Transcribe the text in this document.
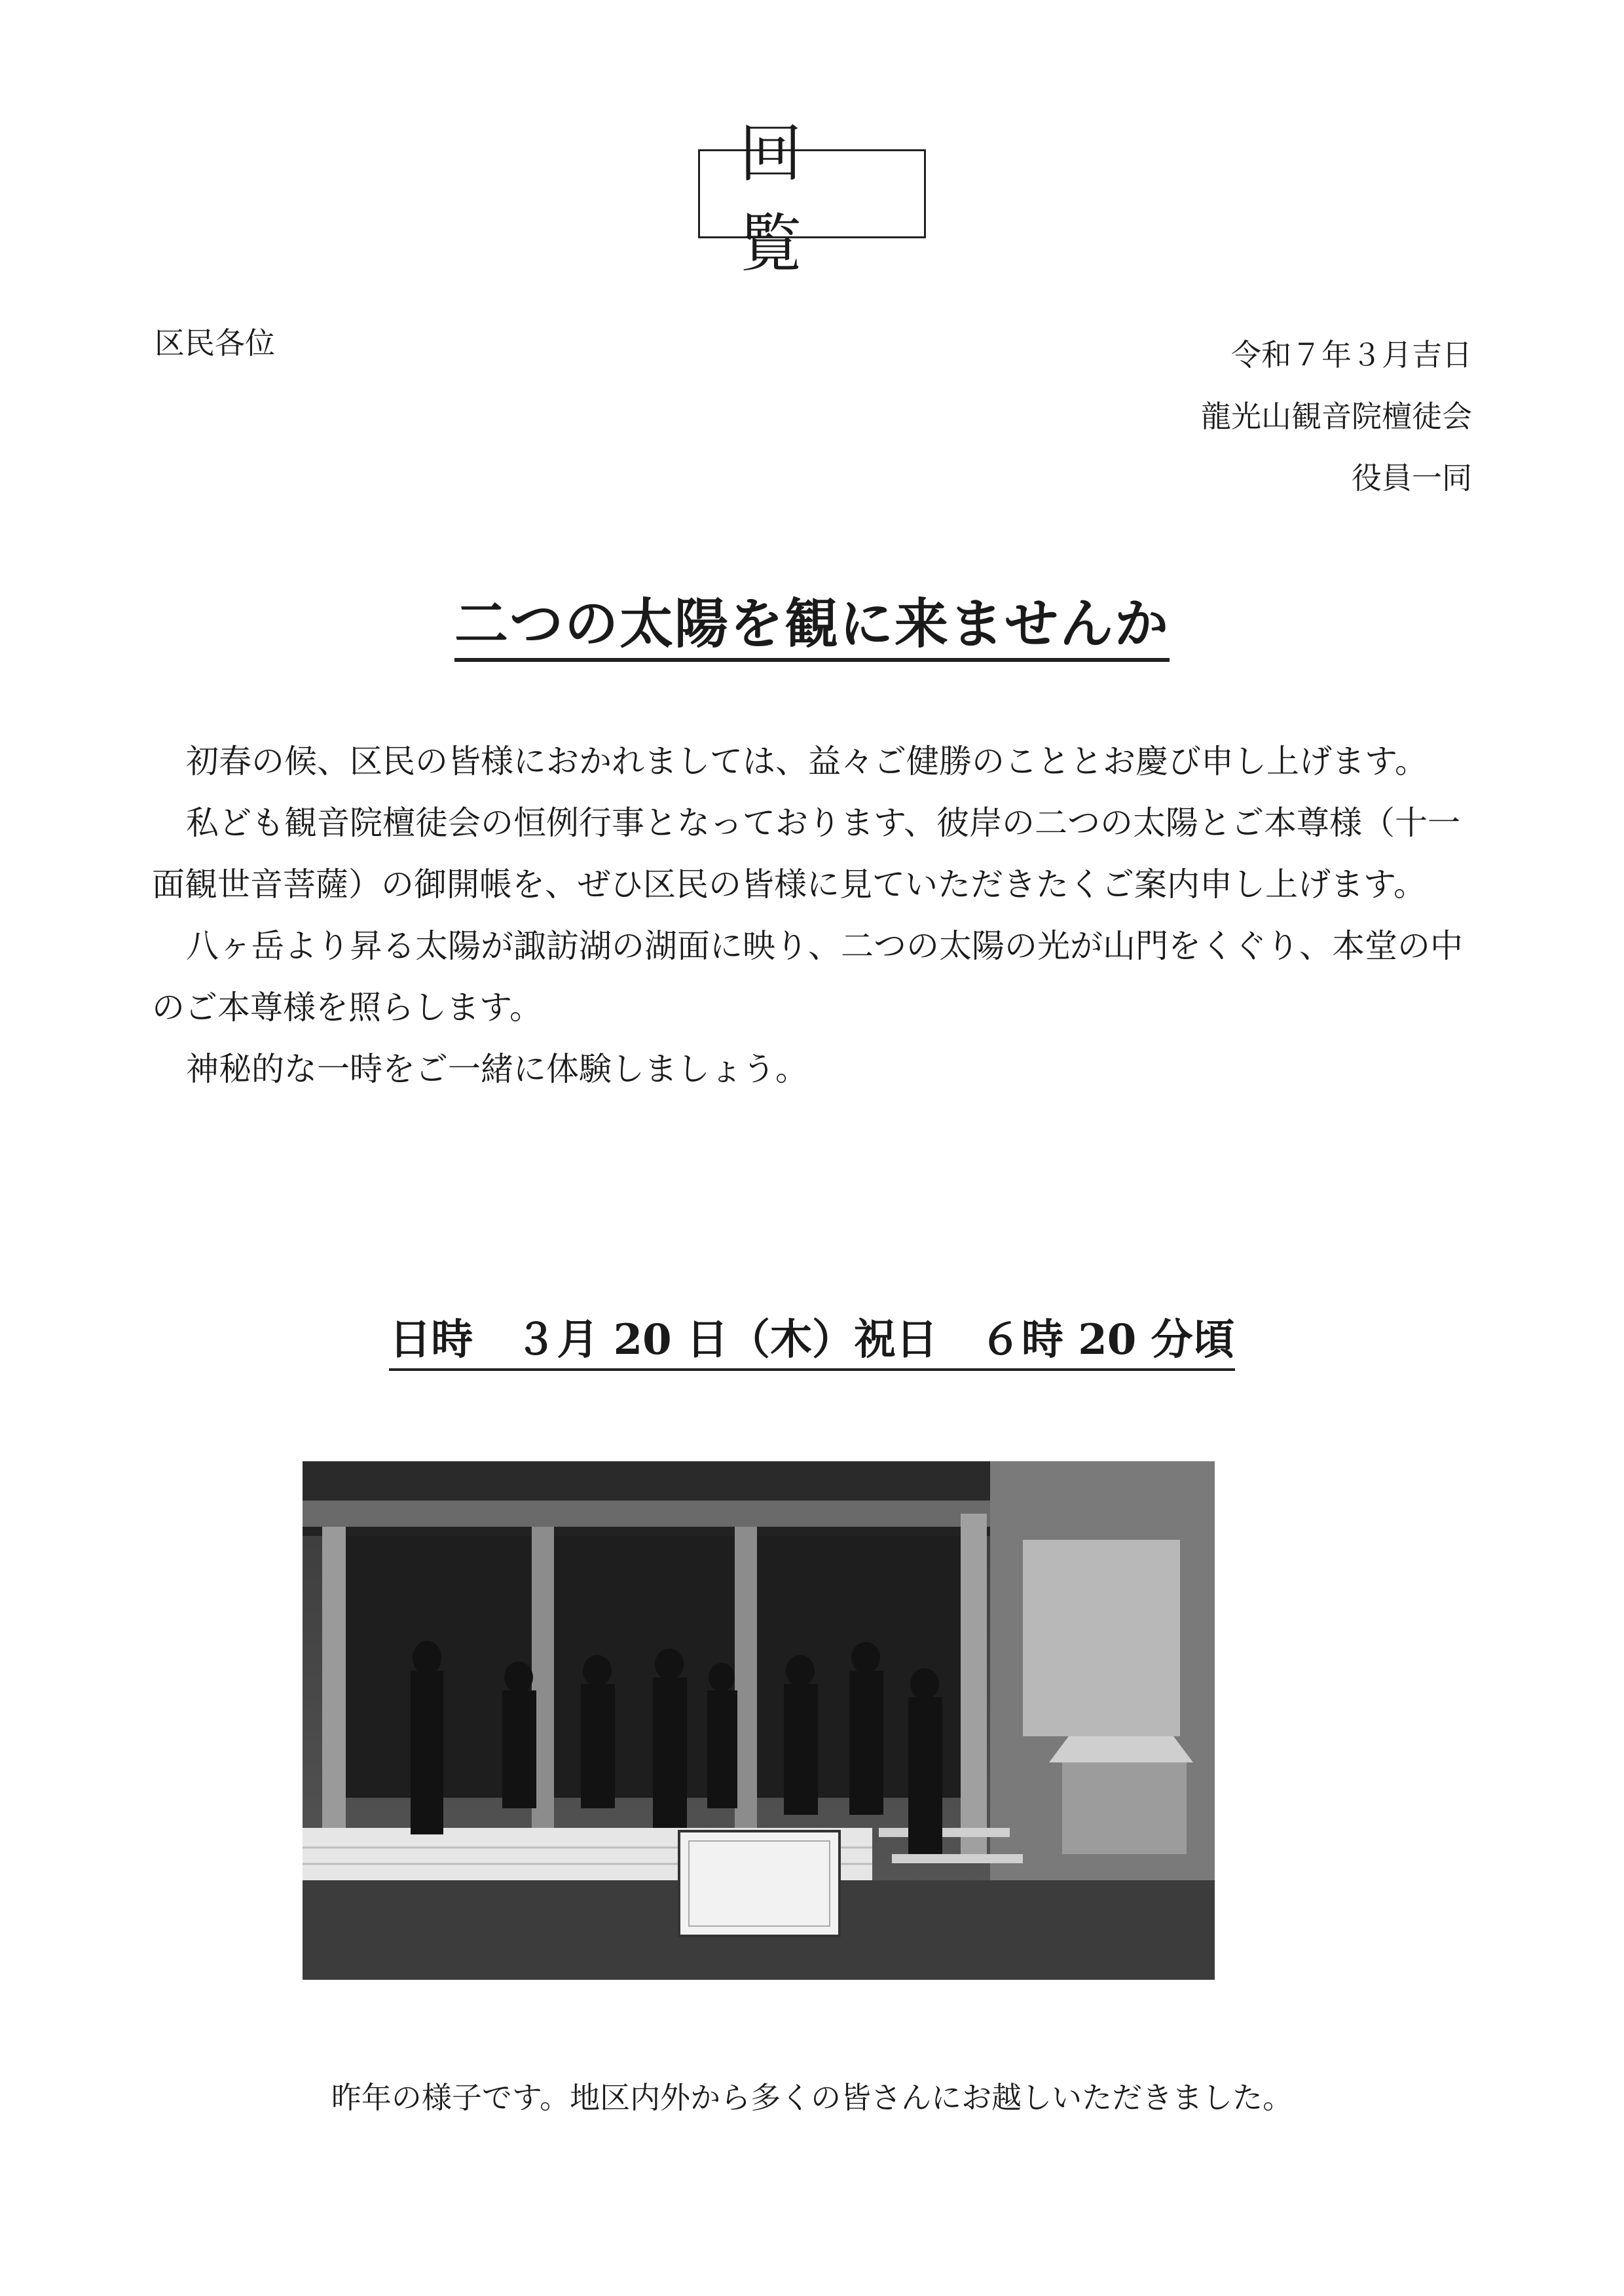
回覧
区民各位	令和７年３月吉日
龍光山観音院檀徒会
役員一同
二つの太陽を観に来ませんか

初春の候、区民の皆様におかれましては、益々ご健勝のこととお慶び申し上げます。

私ども観音院檀徒会の恒例行事となっております、彼岸の二つの太陽とご本尊様（十一面観世音菩薩）の御開帳を、ぜひ区民の皆様に見ていただきたくご案内申し上げます。

八ヶ岳より昇る太陽が諏訪湖の湖面に映り、二つの太陽の光が山門をくぐり、本堂の中のご本尊様を照らします。

神秘的な一時をご一緒に体験しましょう。

日時　３月 20 日（木）祝日　６時 20 分頃
昨年の様子です。地区内外から多くの皆さんにお越しいただきました。
